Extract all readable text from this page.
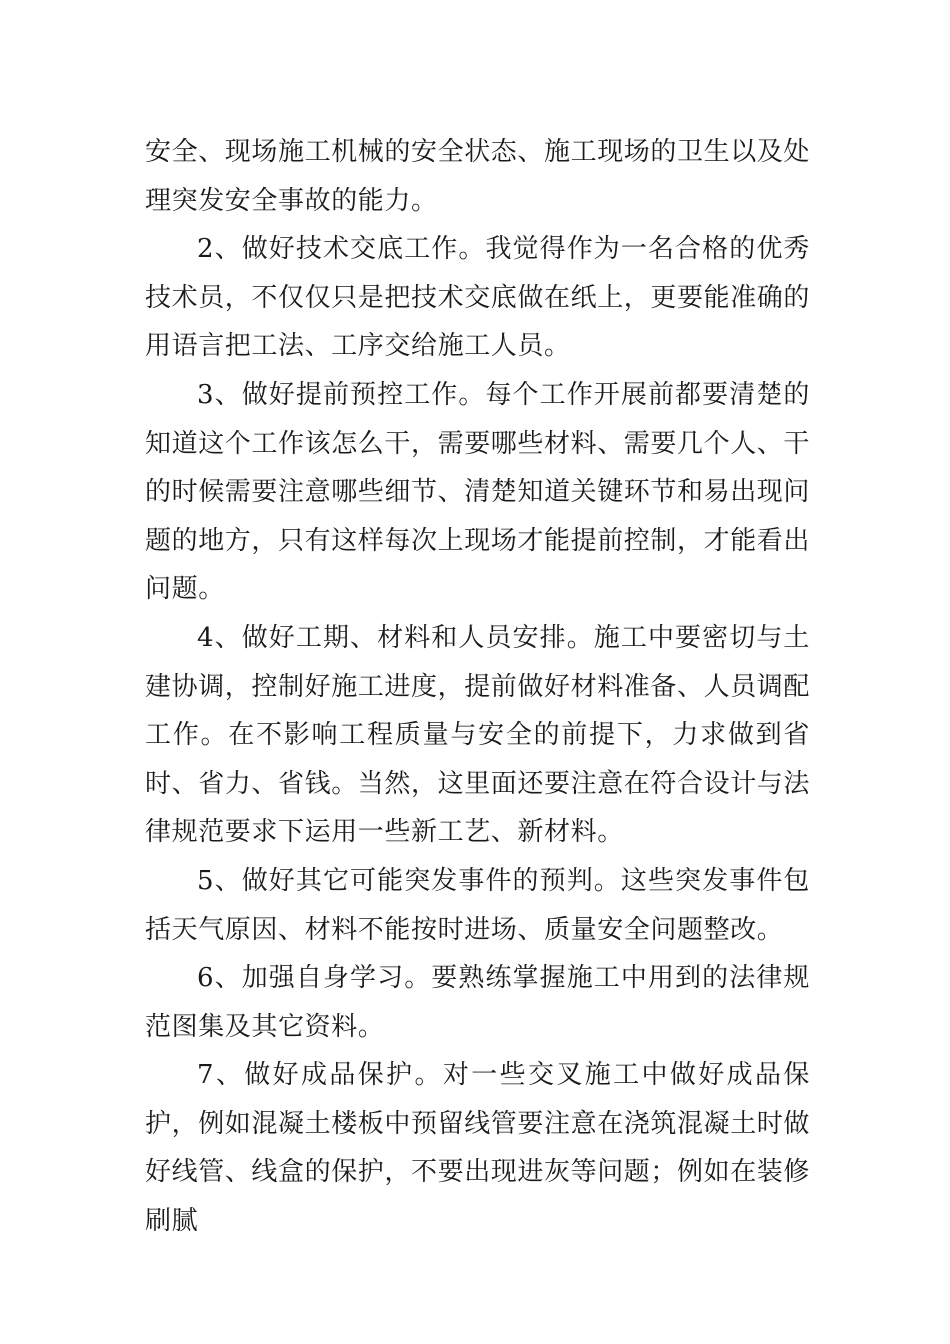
安全、现场施工机械的安全状态、施工现场的卫生以及处理突发安全事故的能力。

2、做好技术交底工作。我觉得作为一名合格的优秀技术员，不仅仅只是把技术交底做在纸上，更要能准确的用语言把工法、工序交给施工人员。

3、做好提前预控工作。每个工作开展前都要清楚的知道这个工作该怎么干，需要哪些材料、需要几个人、干的时候需要注意哪些细节、清楚知道关键环节和易出现问题的地方，只有这样每次上现场才能提前控制，才能看出问题。

4、做好工期、材料和人员安排。施工中要密切与土建协调，控制好施工进度，提前做好材料准备、人员调配工作。在不影响工程质量与安全的前提下，力求做到省时、省力、省钱。当然，这里面还要注意在符合设计与法律规范要求下运用一些新工艺、新材料。

5、做好其它可能突发事件的预判。这些突发事件包括天气原因、材料不能按时进场、质量安全问题整改。

6、加强自身学习。要熟练掌握施工中用到的法律规范图集及其它资料。

7、做好成品保护。对一些交叉施工中做好成品保护，例如混凝土楼板中预留线管要注意在浇筑混凝土时做好线管、线盒的保护，不要出现进灰等问题；例如在装修刷腻
